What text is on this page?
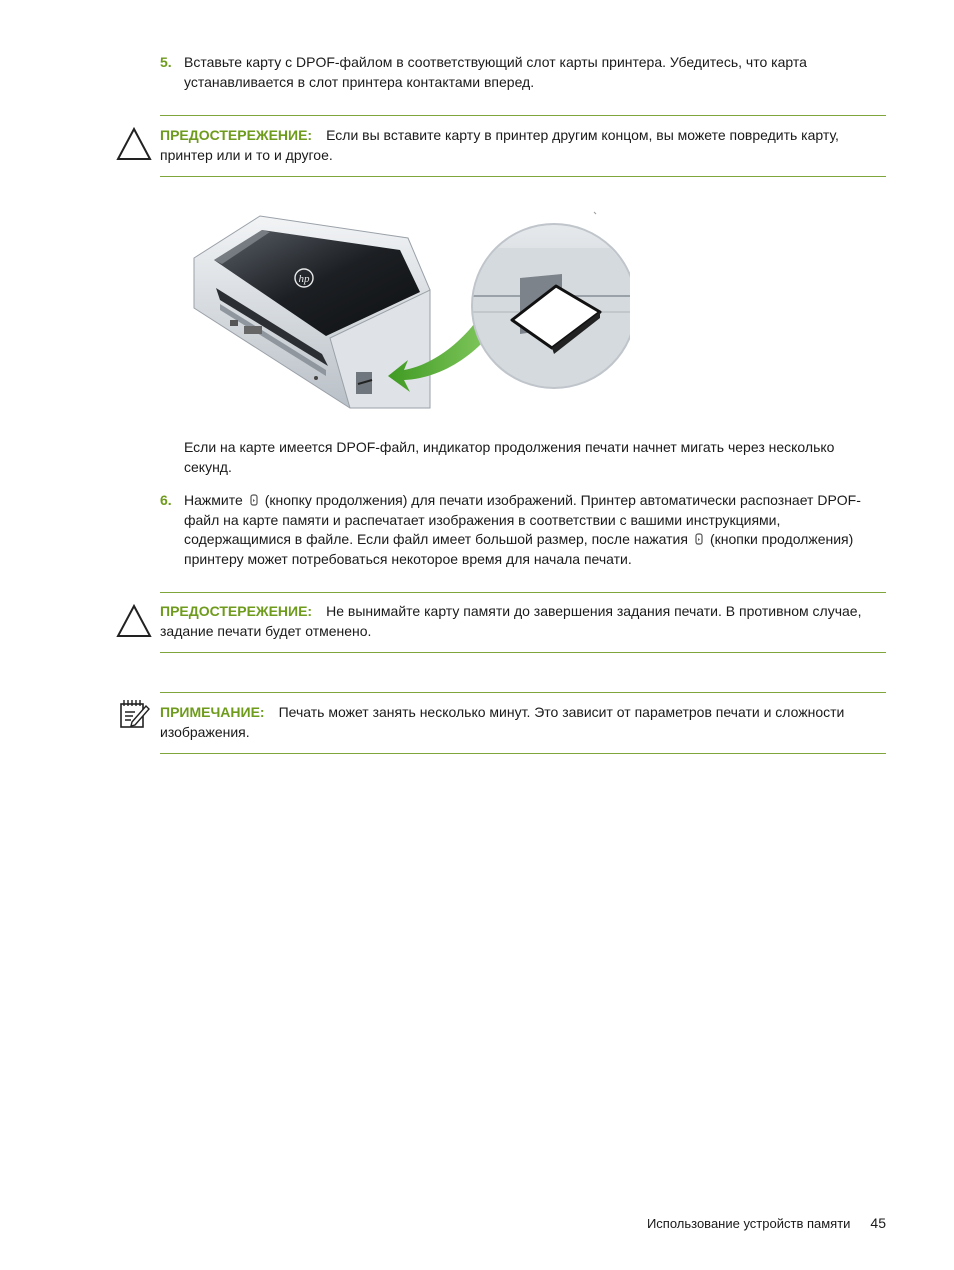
5. Вставьте карту с DPOF-файлом в соответствующий слот карты принтера. Убедитесь, что карта устанавливается в слот принтера контактами вперед.
ПРЕДОСТЕРЕЖЕНИЕ: Если вы вставите карту в принтер другим концом, вы можете повредить карту, принтер или и то и другое.
hp
Если на карте имеется DPOF-файл, индикатор продолжения печати начнет мигать через несколько секунд.
6. Нажмите (кнопку продолжения) для печати изображений. Принтер автоматически распознает DPOF-файл на карте памяти и распечатает изображения в соответствии с вашими инструкциями, содержащимися в файле. Если файл имеет большой размер, после нажатия (кнопки продолжения) принтеру может потребоваться некоторое время для начала печати.
ПРЕДОСТЕРЕЖЕНИЕ: Не вынимайте карту памяти до завершения задания печати. В противном случае, задание печати будет отменено.
ПРИМЕЧАНИЕ: Печать может занять несколько минут. Это зависит от параметров печати и сложности изображения.
Использование устройств памяти 45
